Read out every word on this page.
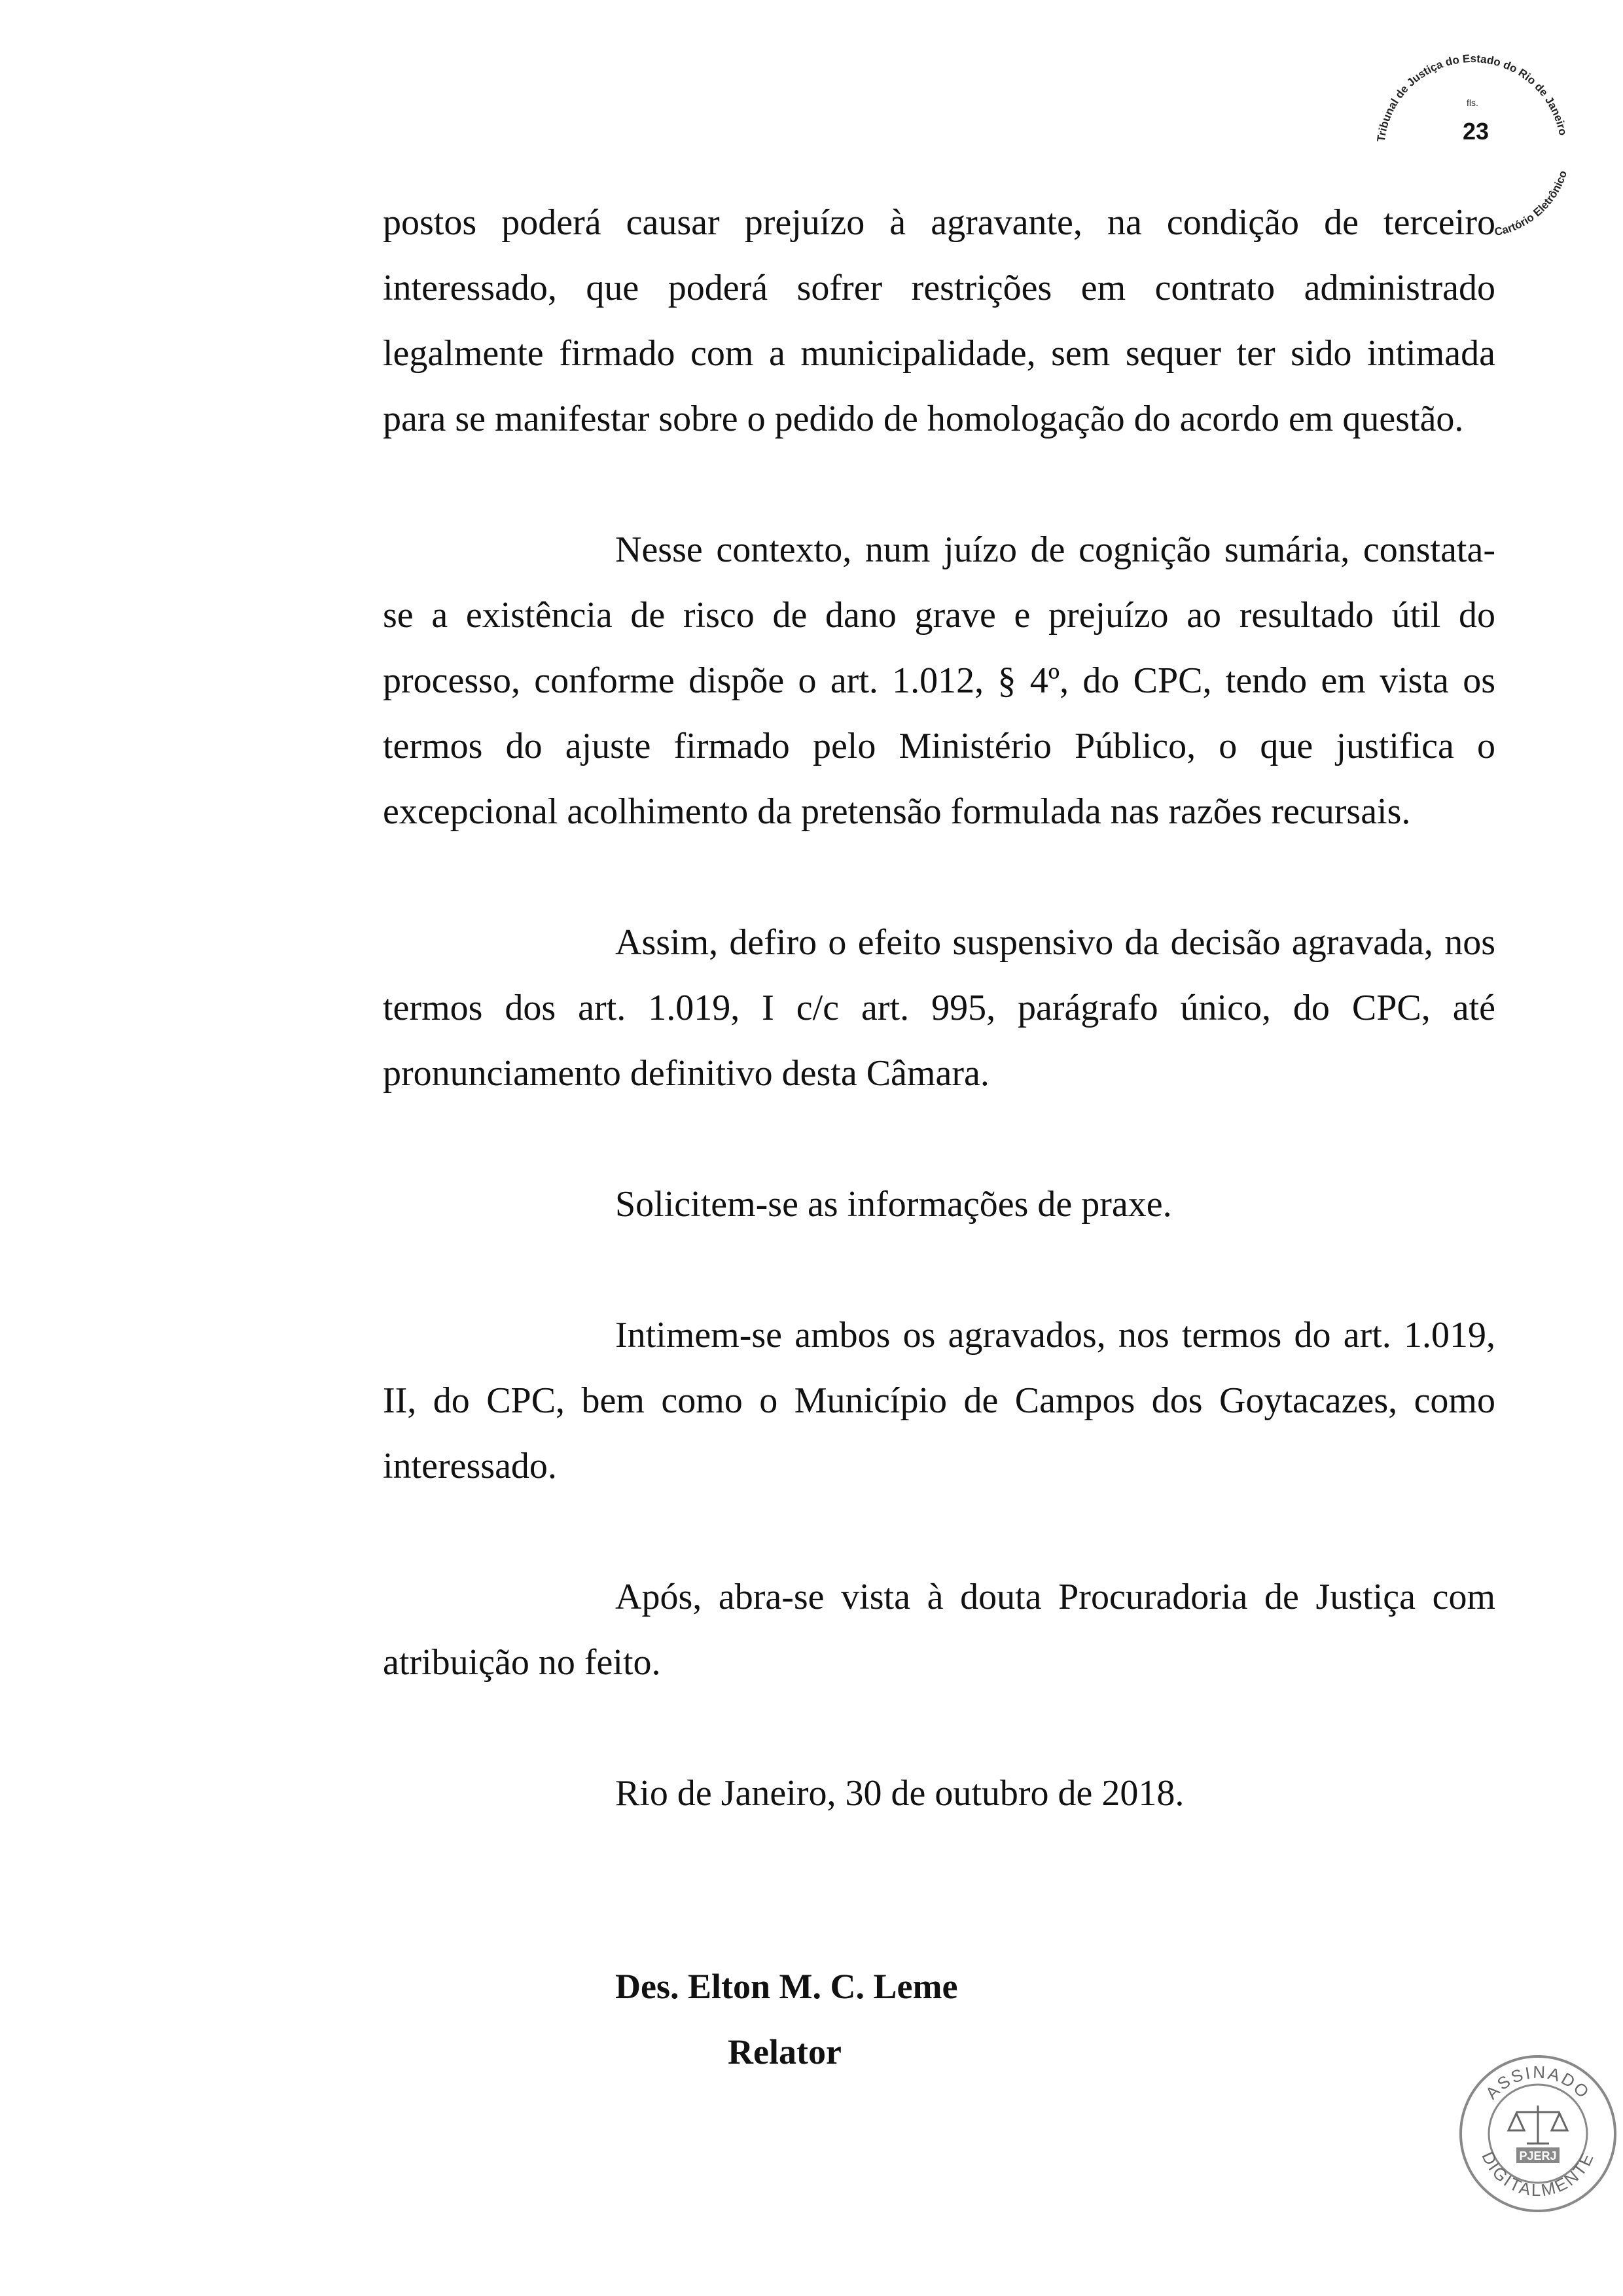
Tribunal de Justiça do Estado do Rio de Janeiro
Cartório Eletrônico
fls.
23

postos poderá causar prejuízo à agravante, na condição de terceiro interessado, que poderá sofrer restrições em contrato administrado legalmente firmado com a municipalidade, sem sequer ter sido intimada para se manifestar sobre o pedido de homologação do acordo em questão.

Nesse contexto, num juízo de cognição sumária, constata-se a existência de risco de dano grave e prejuízo ao resultado útil do processo, conforme dispõe o art. 1.012, § 4º, do CPC, tendo em vista os termos do ajuste firmado pelo Ministério Público, o que justifica o excepcional acolhimento da pretensão formulada nas razões recursais.

Assim, defiro o efeito suspensivo da decisão agravada, nos termos dos art. 1.019, I c/c art. 995, parágrafo único, do CPC, até pronunciamento definitivo desta Câmara.

Solicitem-se as informações de praxe.

Intimem-se ambos os agravados, nos termos do art. 1.019, II, do CPC, bem como o Município de Campos dos Goytacazes, como interessado.

Após, abra-se vista à douta Procuradoria de Justiça com atribuição no feito.

Rio de Janeiro, 30 de outubro de 2018.

Des. Elton M. C. Leme
Relator
ASSINADO
DIGITALMENTE
PJERJ
